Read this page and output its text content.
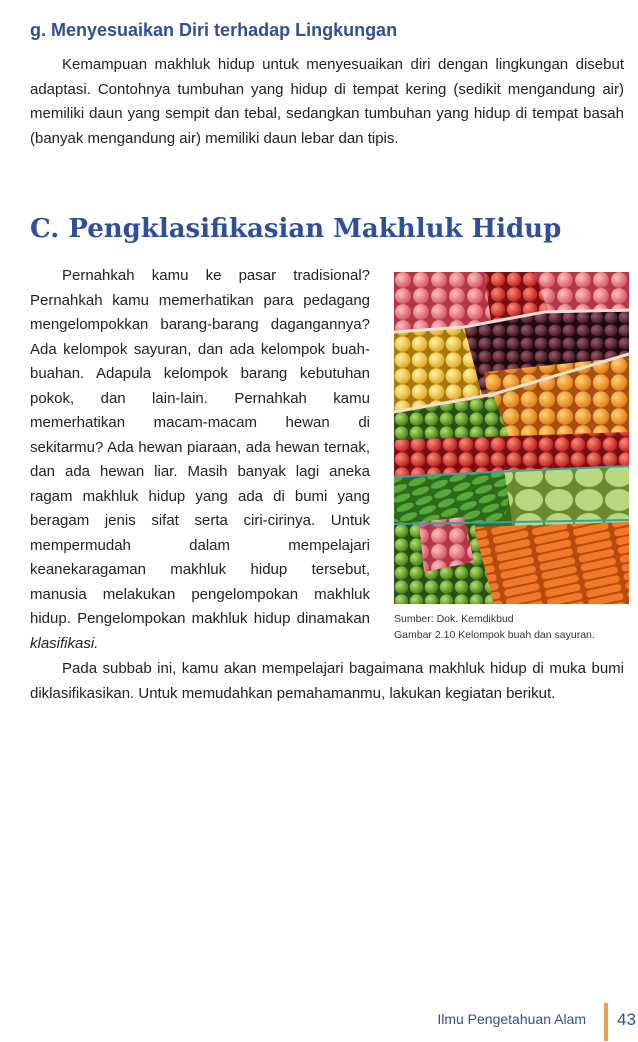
g. Menyesuaikan Diri terhadap Lingkungan

Kemampuan makhluk hidup untuk menyesuaikan diri dengan lingkungan disebut adaptasi. Contohnya tumbuhan yang hidup di tempat kering (sedikit mengandung air) memiliki daun yang sempit dan tebal, sedangkan tumbuhan yang hidup di tempat basah (banyak mengandung air) memiliki daun lebar dan tipis.

C. Pengklasifikasian Makhluk Hidup

Pernahkah kamu ke pasar tradisional? Pernahkah kamu memerhatikan para pedagang mengelompokkan barang-barang dagangannya? Ada kelompok sayuran, dan ada kelompok buah-buahan. Adapula kelompok barang kebutuhan pokok, dan lain-lain. Pernahkah kamu memerhatikan macam-macam hewan di sekitarmu? Ada hewan piaraan, ada hewan ternak, dan ada hewan liar. Masih banyak lagi aneka ragam makhluk hidup yang ada di bumi yang beragam jenis sifat serta ciri-cirinya. Untuk mempermudah dalam mempelajari keanekaragaman makhluk hidup tersebut, manusia melakukan pengelompokan makhluk hidup. Pengelompokan makhluk hidup dinamakan klasifikasi.

Sumber: Dok. Kemdikbud
Gambar 2.10 Kelompok buah dan sayuran.

Pada subbab ini, kamu akan mempelajari bagaimana makhluk hidup di muka bumi diklasifikasikan. Untuk memudahkan pemahamanmu, lakukan kegiatan berikut.

Ilmu Pengetahuan Alam 43
